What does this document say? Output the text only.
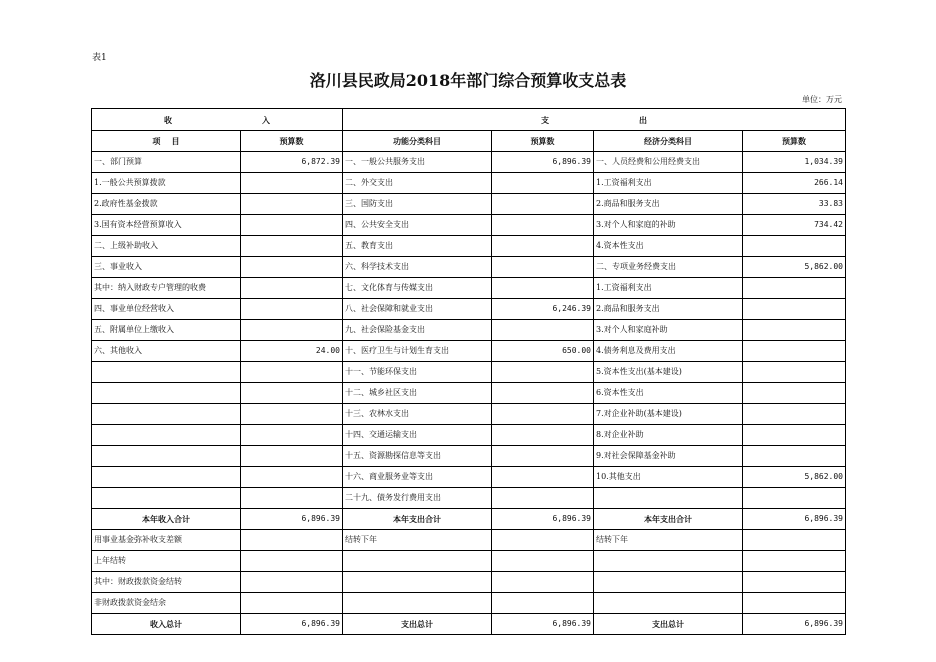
表1
洛川县民政局2018年部门综合预算收支总表
单位：万元
收 入		支 出			

项    目	预算数	功能分类科目	预算数	经济分类科目	预算数
一、部门预算	6,872.39	一、一般公共服务支出	6,896.39	一、人员经费和公用经费支出	1,034.39
1.一般公共预算拨款		二、外交支出		1.工资福利支出	266.14
2.政府性基金拨款		三、国防支出		2.商品和服务支出	33.83
3.国有资本经营预算收入		四、公共安全支出		3.对个人和家庭的补助	734.42
二、上级补助收入		五、教育支出		4.资本性支出	
三、事业收入		六、科学技术支出		二、专项业务经费支出	5,862.00
其中：纳入财政专户管理的收费		七、文化体育与传媒支出		1.工资福利支出	
四、事业单位经营收入		八、社会保障和就业支出	6,246.39	2.商品和服务支出	
五、附属单位上缴收入		九、社会保险基金支出		3.对个人和家庭补助	
六、其他收入	24.00	十、医疗卫生与计划生育支出	650.00	4.债务利息及费用支出	
		十一、节能环保支出		5.资本性支出(基本建设)	
		十二、城乡社区支出		6.资本性支出	
		十三、农林水支出		7.对企业补助(基本建设)	
		十四、交通运输支出		8.对企业补助	
		十五、资源勘探信息等支出		9.对社会保障基金补助	
		十六、商业服务业等支出		10.其他支出	5,862.00
		二十九、债务发行费用支出			
本年收入合计	6,896.39	本年支出合计	6,896.39	本年支出合计	6,896.39
用事业基金弥补收支差额		结转下年		结转下年	
上年结转					
其中：财政拨款资金结转					
非财政拨款资金结余					
收入总计	6,896.39	支出总计	6,896.39	支出总计	6,896.39
